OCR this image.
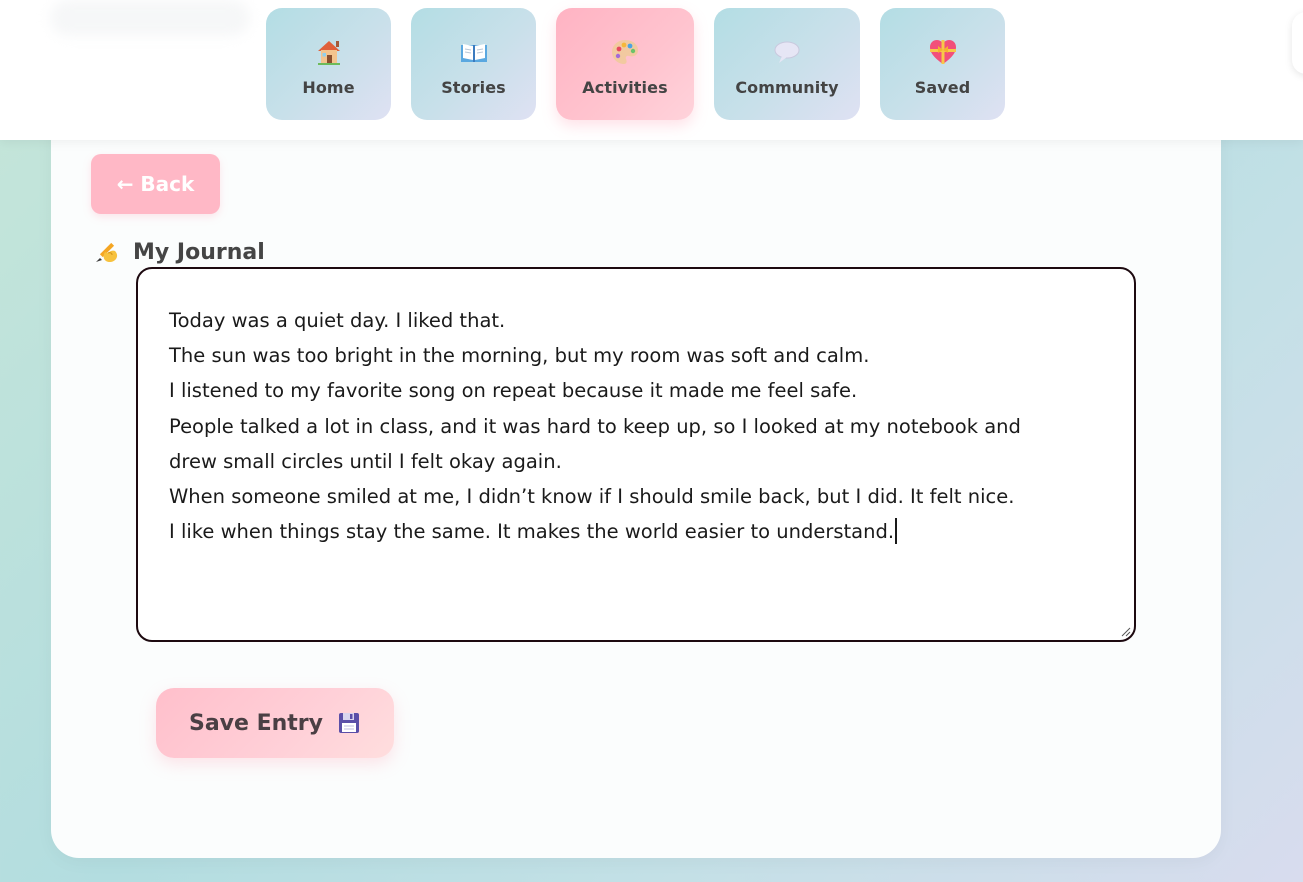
Home	Stories	Activities	Community	Saved
← Back
My Journal
Today was a quiet day. I liked that.
The sun was too bright in the morning, but my room was soft and calm.
I listened to my favorite song on repeat because it made me feel safe.
People talked a lot in class, and it was hard to keep up, so I looked at my notebook and
drew small circles until I felt okay again.
When someone smiled at me, I didn’t know if I should smile back, but I did. It felt nice.
I like when things stay the same. It makes the world easier to understand.
Save Entry
